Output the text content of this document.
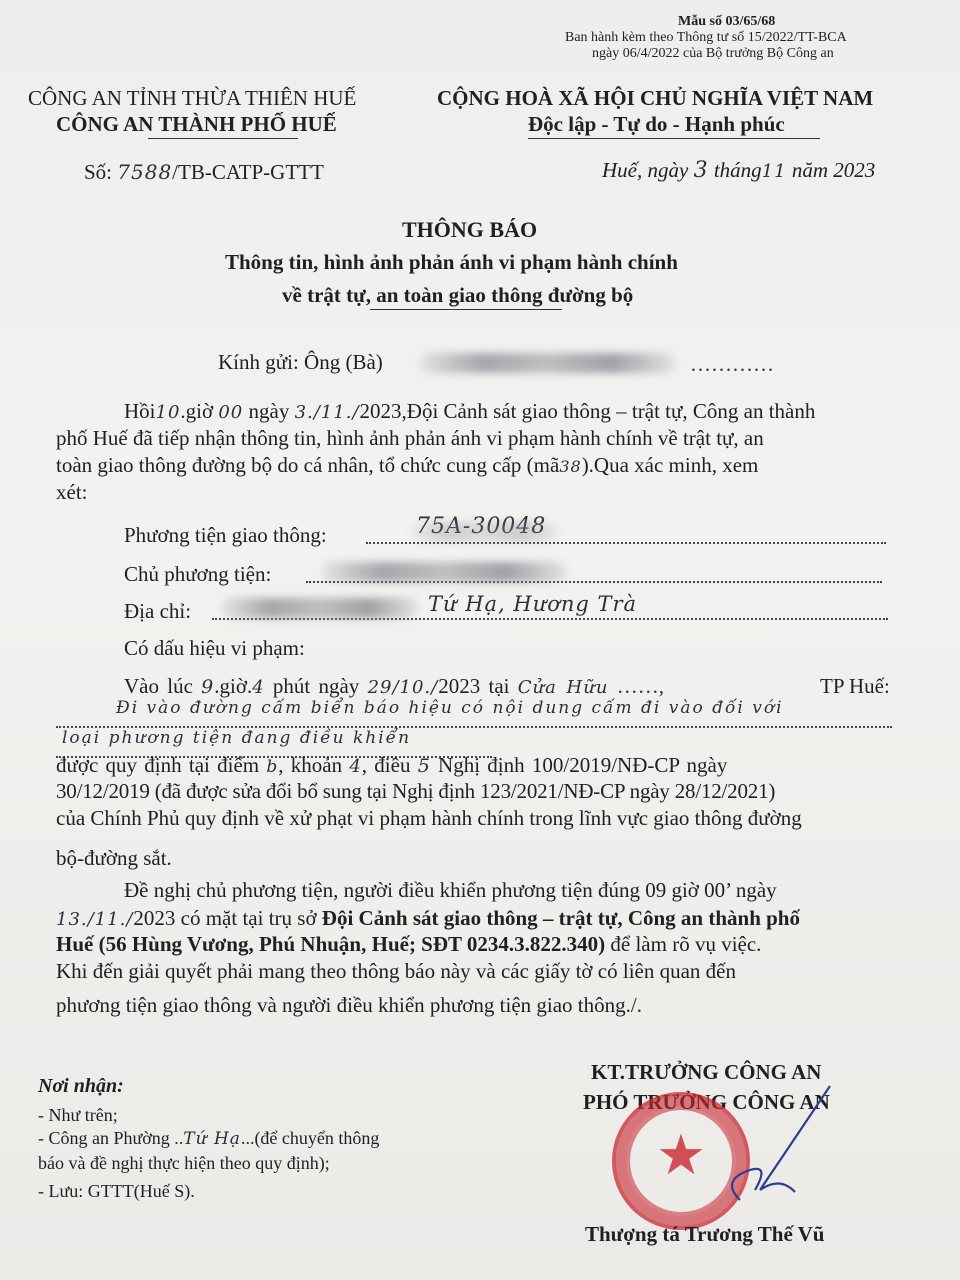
Mẫu số 03/65/68
Ban hành kèm theo Thông tư số 15/2022/TT-BCA
ngày 06/4/2022 của Bộ trưởng Bộ Công an
CÔNG AN TỈNH THỪA THIÊN HUẾ
CÔNG AN THÀNH PHỐ HUẾ
CỘNG HOÀ XÃ HỘI CHỦ NGHĨA VIỆT NAM
Độc lập - Tự do - Hạnh phúc
Số: 7588/TB-CATP-GTTT	Huế, ngày 3 tháng11 năm 2023
THÔNG BÁO
Thông tin, hình ảnh phản ánh vi phạm hành chính
về trật tự, an toàn giao thông đường bộ
Kính gửi: Ông (Bà)	…………
Hồi10.giờ 00 ngày 3./11./2023,Đội Cảnh sát giao thông – trật tự, Công an thành
phố Huế đã tiếp nhận thông tin, hình ảnh phản ánh vi phạm hành chính về trật tự, an
toàn giao thông đường bộ do cá nhân, tổ chức cung cấp (mã38).Qua xác minh, xem
xét:
Phương tiện giao thông:	75A-30048
Chủ phương tiện:
Địa chỉ:	Tứ Hạ, Hương Trà
Có dấu hiệu vi phạm:
Vào lúc 9.giờ.4 phút ngày 29/10./2023 tại Cửa Hữu ……,	TP Huế:
Đi vào đường cấm biển báo hiệu có nội dung cấm đi vào đối với
loại phương tiện đang điều khiển
được quy định tại điểm b, khoản 4, điều 5 Nghị định 100/2019/NĐ-CP ngày
30/12/2019 (đã được sửa đổi bổ sung tại Nghị định 123/2021/NĐ-CP ngày 28/12/2021)
của Chính Phủ quy định về xử phạt vi phạm hành chính trong lĩnh vực giao thông đường
bộ-đường sắt.
Đề nghị chủ phương tiện, người điều khiển phương tiện đúng 09 giờ 00’ ngày
13./11./2023 có mặt tại trụ sở Đội Cảnh sát giao thông – trật tự, Công an thành phố
Huế (56 Hùng Vương, Phú Nhuận, Huế; SĐT 0234.3.822.340) để làm rõ vụ việc.
Khi đến giải quyết phải mang theo thông báo này và các giấy tờ có liên quan đến
phương tiện giao thông và người điều khiển phương tiện giao thông./.
Nơi nhận:
- Như trên;
- Công an Phường ..Tứ Hạ...(để chuyển thông
báo và đề nghị thực hiện theo quy định);
- Lưu: GTTT(Huế S).
KT.TRƯỞNG CÔNG AN
PHÓ TRƯỞNG CÔNG AN
★
Thượng tá Trương Thế Vũ
